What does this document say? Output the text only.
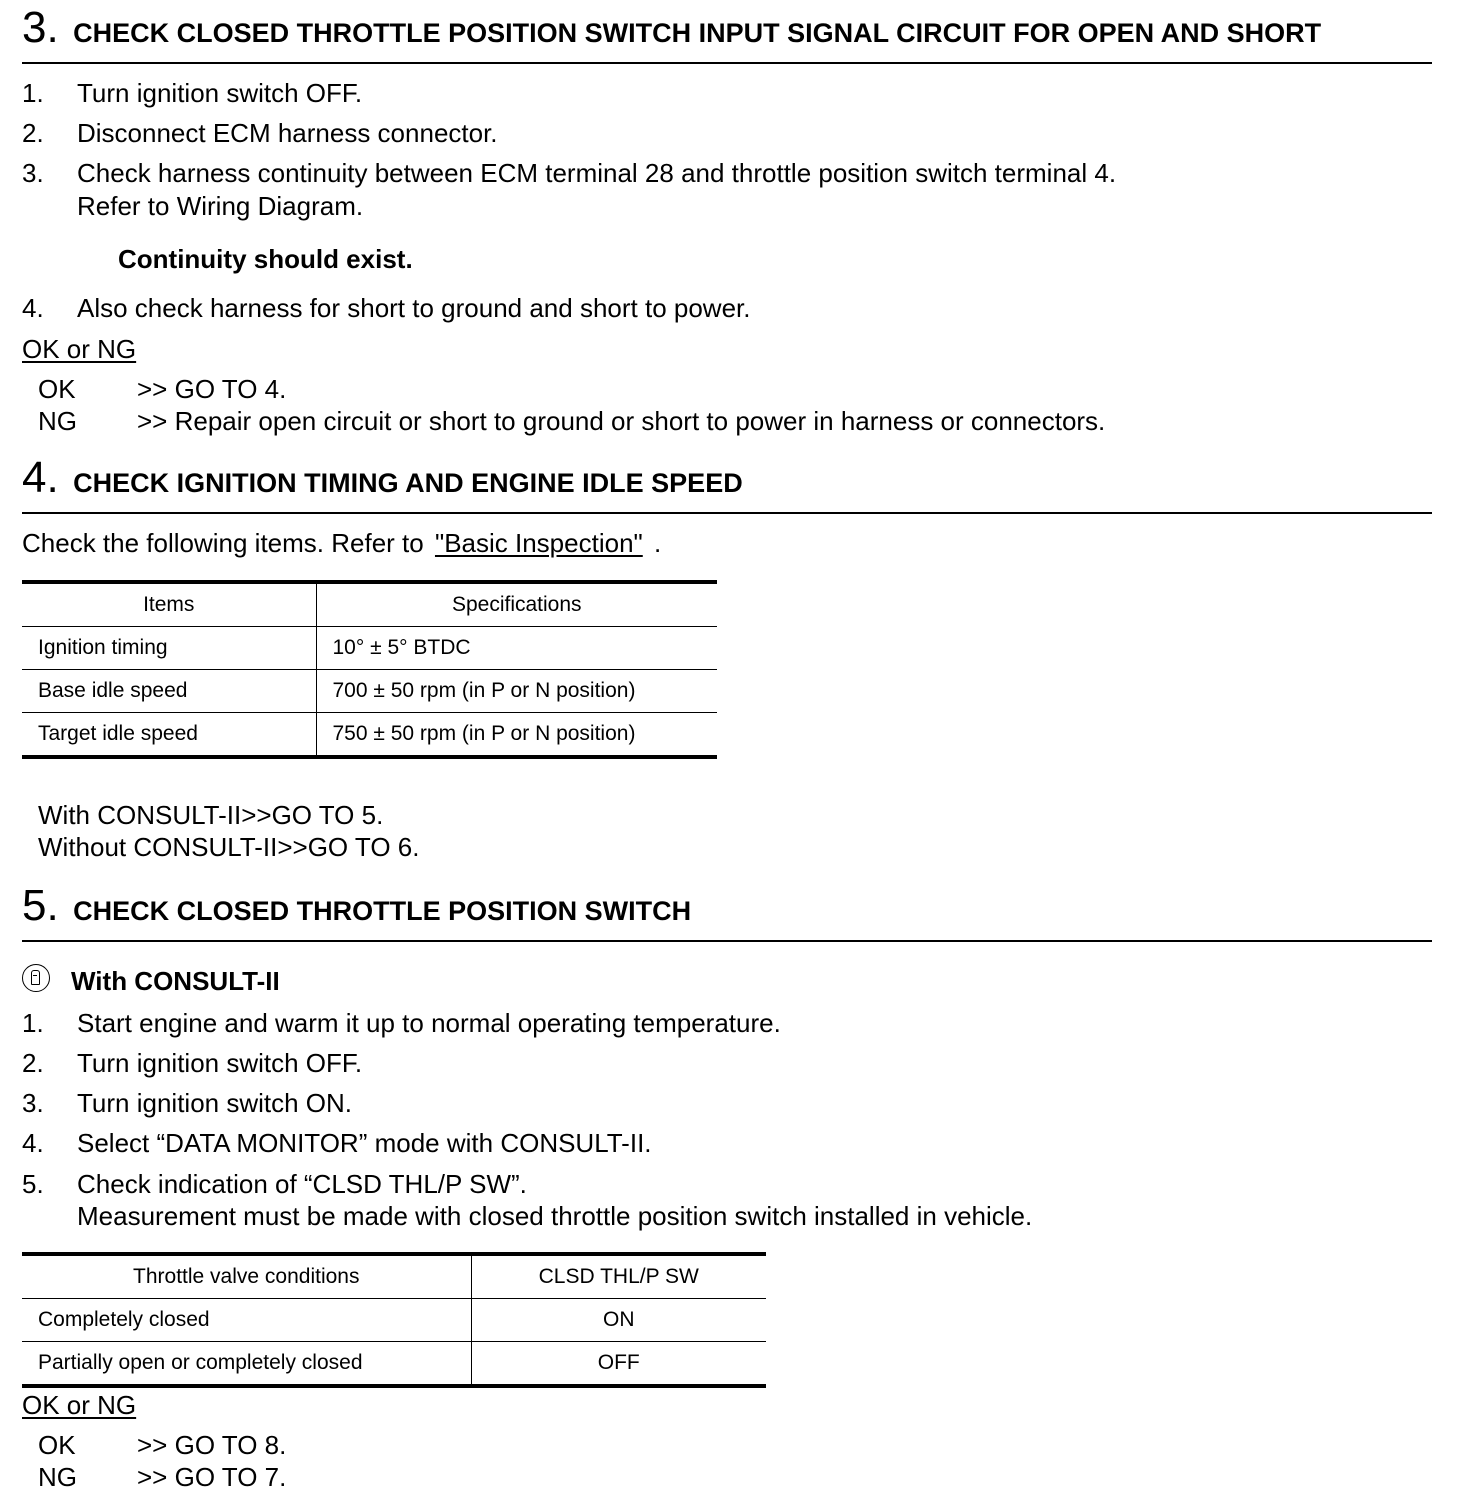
3. CHECK CLOSED THROTTLE POSITION SWITCH INPUT SIGNAL CIRCUIT FOR OPEN AND SHORT
1. Turn ignition switch OFF.
2. Disconnect ECM harness connector.
3. Check harness continuity between ECM terminal 28 and throttle position switch terminal 4.
Refer to Wiring Diagram.
Continuity should exist.
4. Also check harness for short to ground and short to power.
OK or NG
OK >> GO TO 4.
NG >> Repair open circuit or short to ground or short to power in harness or connectors.
4. CHECK IGNITION TIMING AND ENGINE IDLE SPEED
Check the following items. Refer to "Basic Inspection" .
Items	Specifications
Ignition timing	10° ± 5° BTDC
Base idle speed	700 ± 50 rpm (in P or N position)
Target idle speed	750 ± 50 rpm (in P or N position)
With CONSULT-II>>GO TO 5.
Without CONSULT-II>>GO TO 6.
5. CHECK CLOSED THROTTLE POSITION SWITCH
With CONSULT-II
1. Start engine and warm it up to normal operating temperature.
2. Turn ignition switch OFF.
3. Turn ignition switch ON.
4. Select “DATA MONITOR” mode with CONSULT-II.
5. Check indication of “CLSD THL/P SW”.
Measurement must be made with closed throttle position switch installed in vehicle.
Throttle valve conditions	CLSD THL/P SW
Completely closed	ON
Partially open or completely closed	OFF
OK or NG
OK >> GO TO 8.
NG >> GO TO 7.
